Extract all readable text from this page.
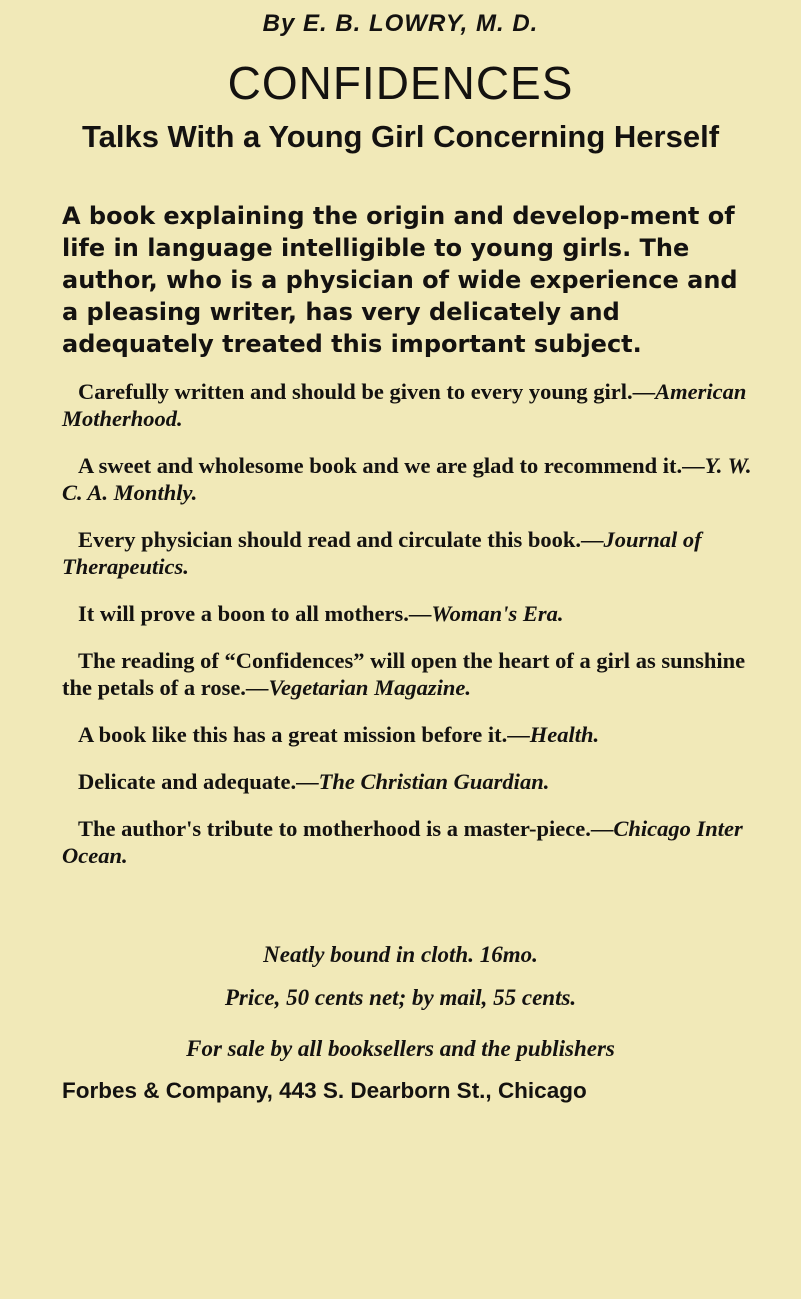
By E. B. LOWRY, M. D.
CONFIDENCES
Talks With a Young Girl Concerning Herself
A book explaining the origin and develop-ment of life in language intelligible to young girls. The author, who is a physician of wide experience and a pleasing writer, has very delicately and adequately treated this important subject.

Carefully written and should be given to every young girl.—American Motherhood.

A sweet and wholesome book and we are glad to recommend it.—Y. W. C. A. Monthly.

Every physician should read and circulate this book.—Journal of Therapeutics.

It will prove a boon to all mothers.—Woman's Era.

The reading of “Confidences” will open the heart of a girl as sunshine the petals of a rose.—Vegetarian Magazine.

A book like this has a great mission before it.—Health.

Delicate and adequate.—The Christian Guardian.

The author's tribute to motherhood is a master-piece.—Chicago Inter Ocean.

Neatly bound in cloth. 16mo.
Price, 50 cents net; by mail, 55 cents.
For sale by all booksellers and the publishers
Forbes & Company, 443 S. Dearborn St., Chicago
